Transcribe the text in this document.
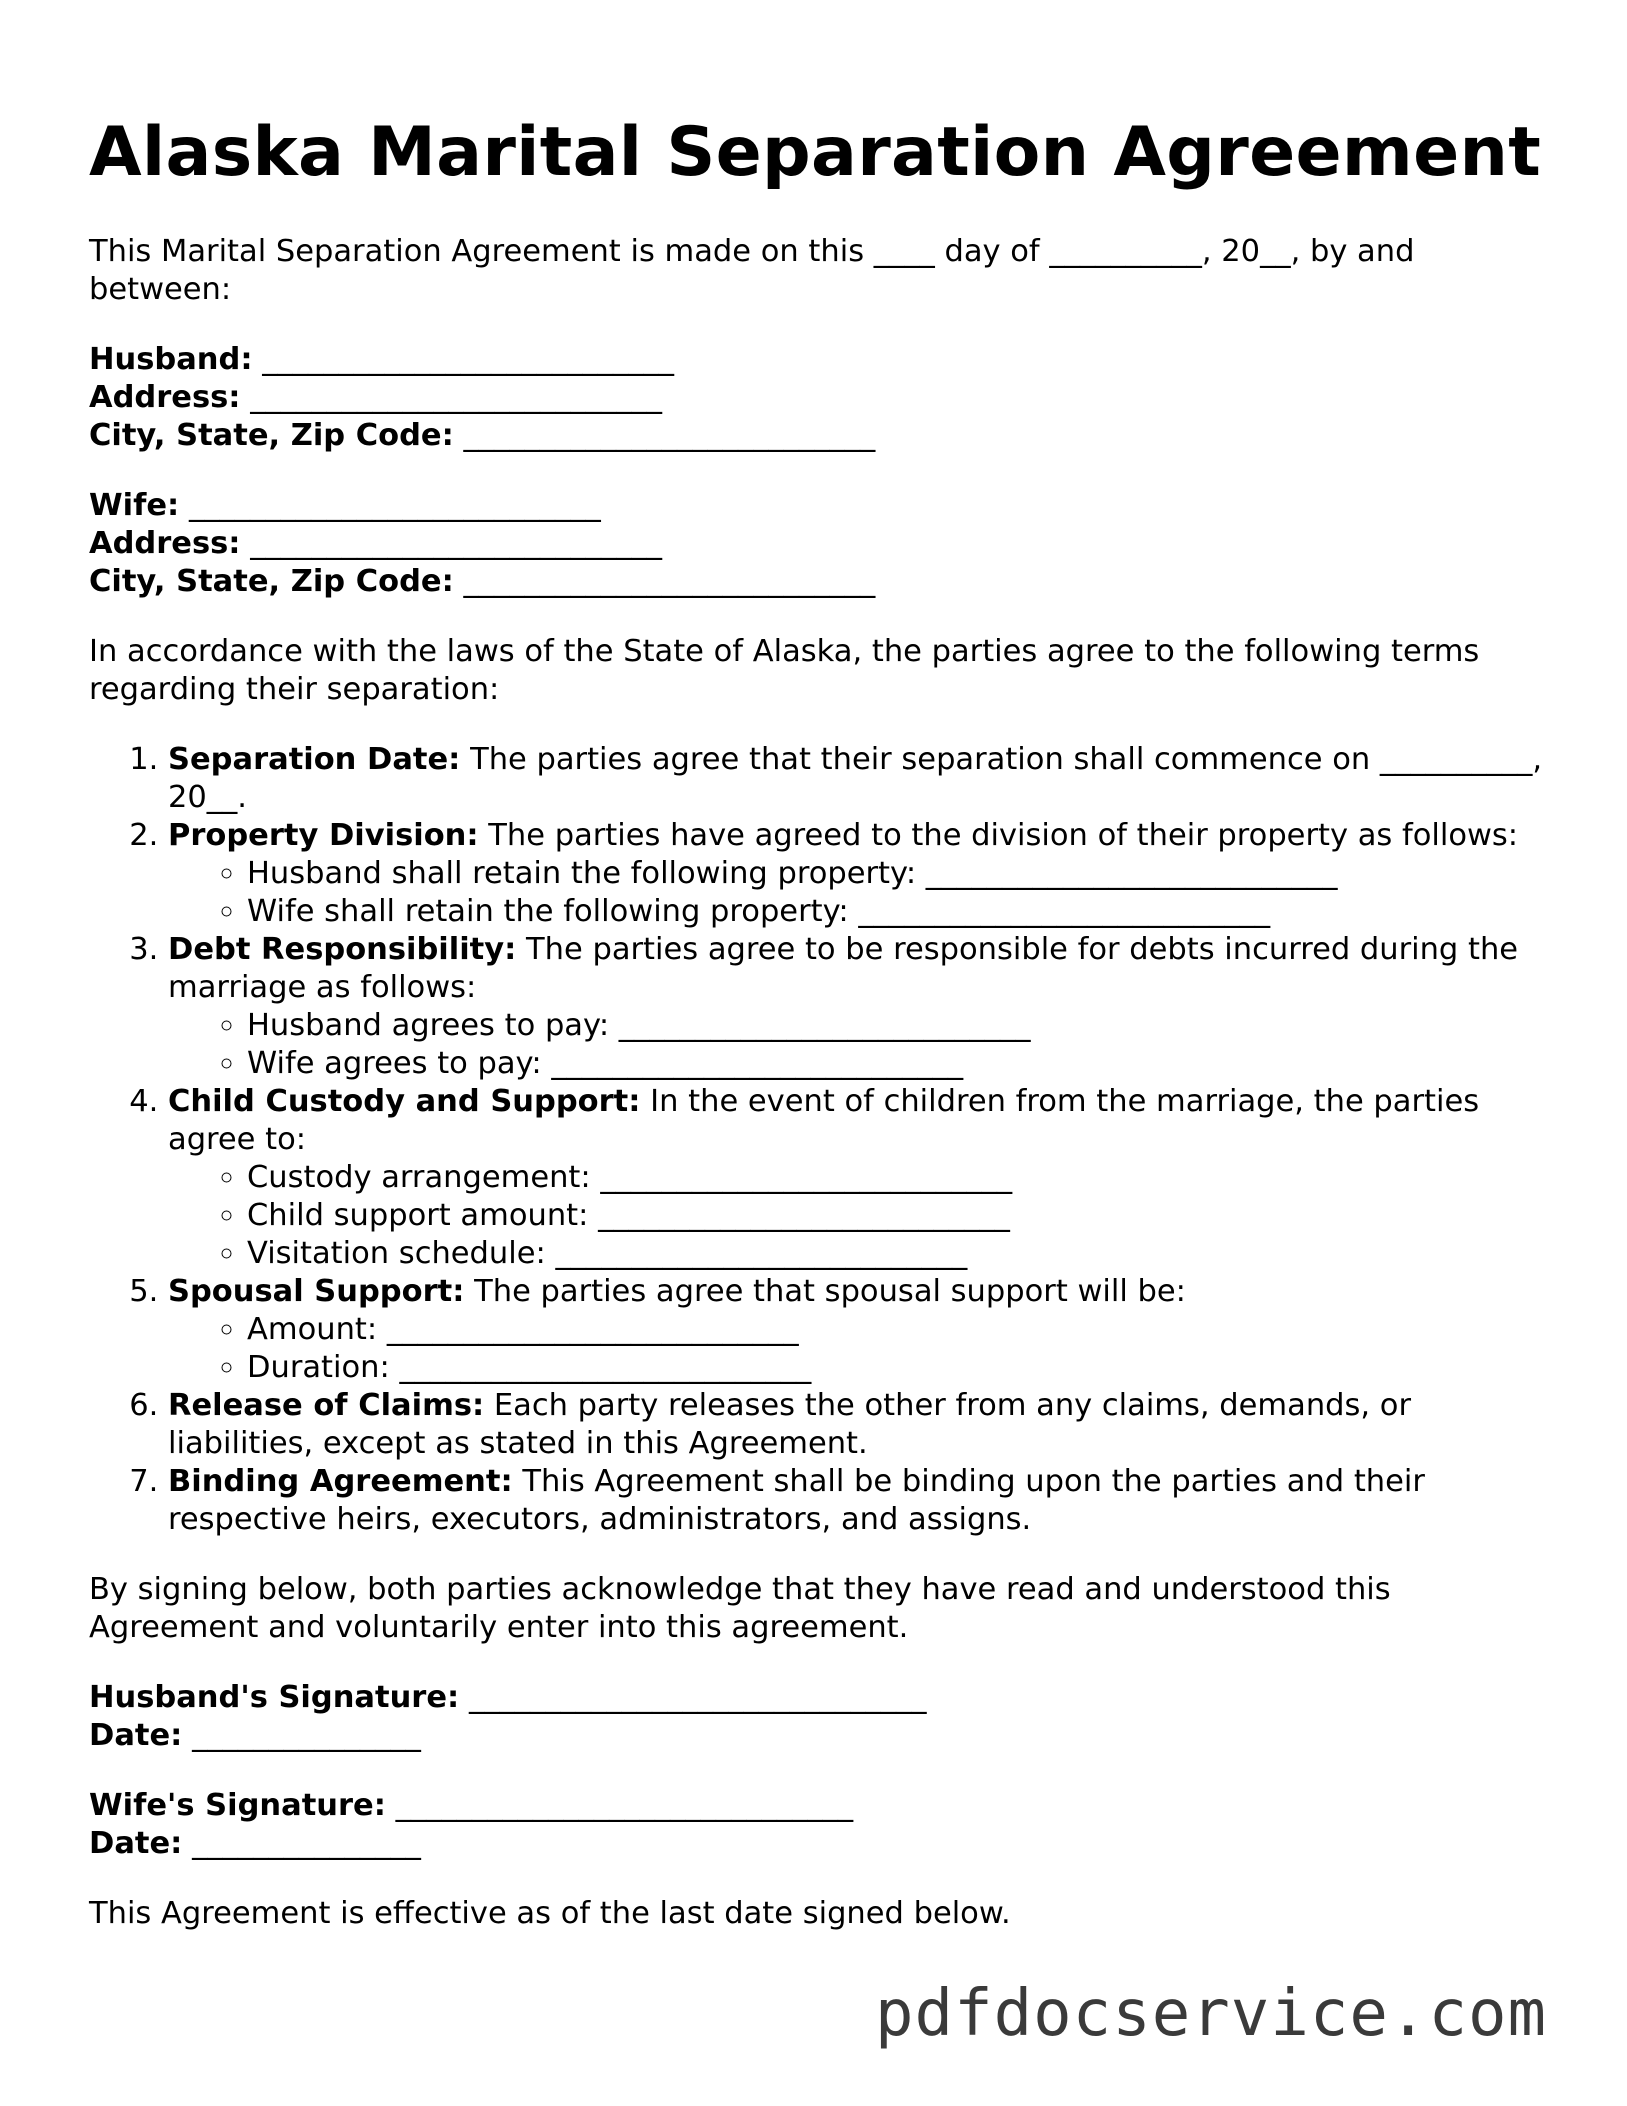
Alaska Marital Separation Agreement

This Marital Separation Agreement is made on this ____ day of __________, 20__, by and between:

Husband: ___________________________

Address: ___________________________

City, State, Zip Code: ___________________________

Wife: ___________________________

Address: ___________________________

City, State, Zip Code: ___________________________

In accordance with the laws of the State of Alaska, the parties agree to the following terms regarding their separation:

1. Separation Date: The parties agree that their separation shall commence on __________, 20__.
2. Property Division: The parties have agreed to the division of their property as follows:
◦ Husband shall retain the following property: ___________________________
◦ Wife shall retain the following property: ___________________________
3. Debt Responsibility: The parties agree to be responsible for debts incurred during the marriage as follows:
◦ Husband agrees to pay: ___________________________
◦ Wife agrees to pay: ___________________________
4. Child Custody and Support: In the event of children from the marriage, the parties agree to:
◦ Custody arrangement: ___________________________
◦ Child support amount: ___________________________
◦ Visitation schedule: ___________________________
5. Spousal Support: The parties agree that spousal support will be:
◦ Amount: ___________________________
◦ Duration: ___________________________
6. Release of Claims: Each party releases the other from any claims, demands, or liabilities, except as stated in this Agreement.
7. Binding Agreement: This Agreement shall be binding upon the parties and their respective heirs, executors, administrators, and assigns.

By signing below, both parties acknowledge that they have read and understood this Agreement and voluntarily enter into this agreement.

Husband's Signature: ______________________________

Date: _______________

Wife's Signature: ______________________________

Date: _______________

This Agreement is effective as of the last date signed below.

pdfdocservice.com
